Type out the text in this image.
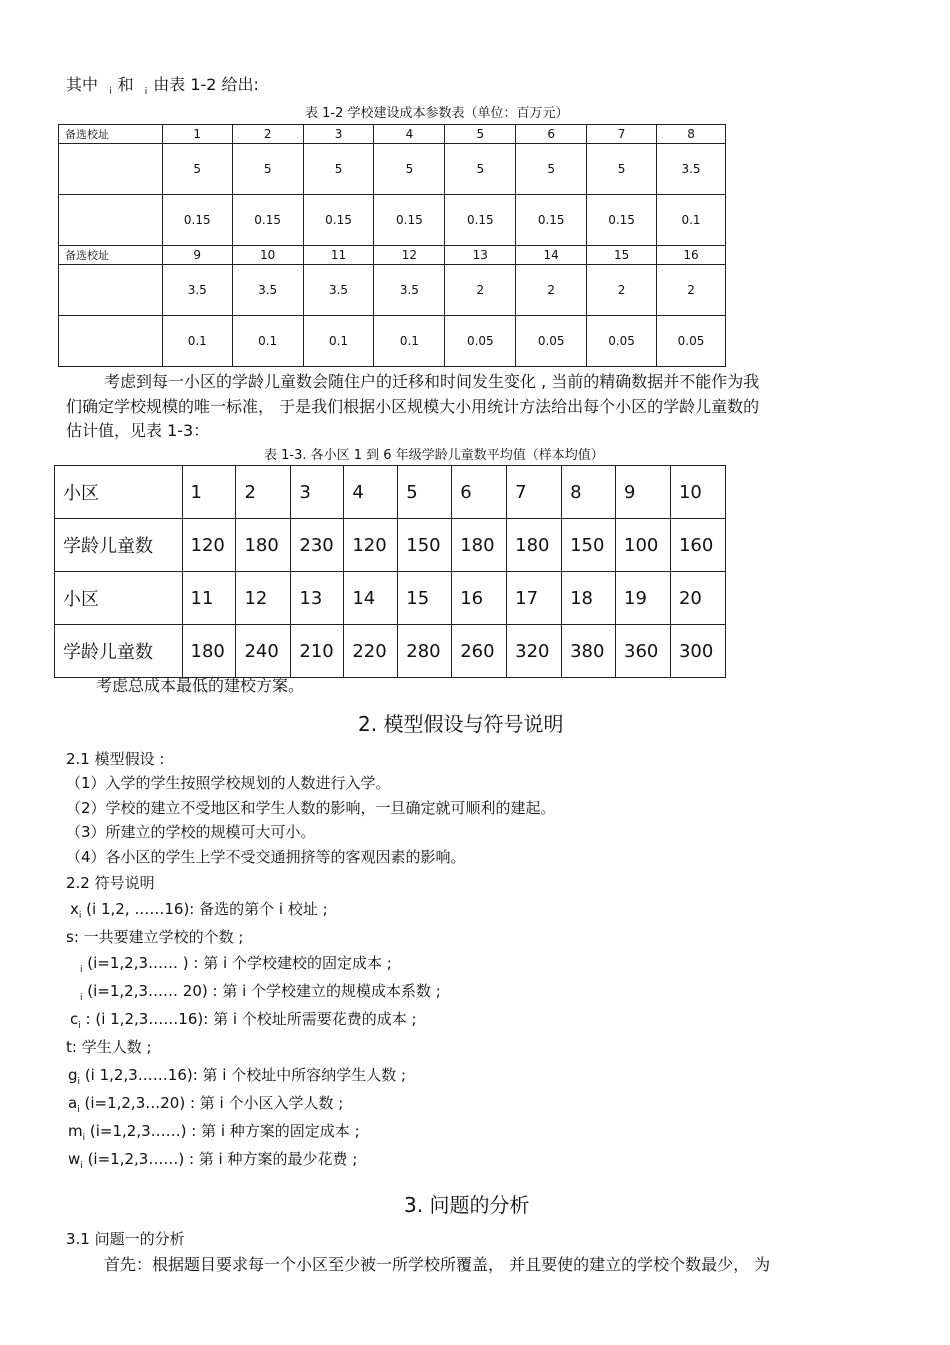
其中 $_i$ 和 $_i$ 由表 1-2 给出:
表 1-2 学校建设成本参数表（单位：百万元）
备选校址	1	2	3	4	5	6	7	8
	5	5	5	5	5	5	5	3.5
	0.15	0.15	0.15	0.15	0.15	0.15	0.15	0.1
备选校址	9	10	11	12	13	14	15	16
	3.5	3.5	3.5	3.5	2	2	2	2
	0.1	0.1	0.1	0.1	0.05	0.05	0.05	0.05
考虑到每一小区的学龄儿童数会随住户的迁移和时间发生变化 , 当前的精确数据并不能作为我
们确定学校规模的唯一标准， 于是我们根据小区规模大小用统计方法给出每个小区的学龄儿童数的
估计值，见表 1-3：
表 1-3. 各小区 1 到 6 年级学龄儿童数平均值（样本均值）
小区	1	2	3	4	5	6	7	8	9	10
学龄儿童数	120	180	230	120	150	180	180	150	100	160
小区	11	12	13	14	15	16	17	18	19	20
学龄儿童数	180	240	210	220	280	260	320	380	360	300
考虑总成本最低的建校方案。
2. 模型假设与符号说明
2.1 模型假设 :
（1）入学的学生按照学校规划的人数进行入学。
（2）学校的建立不受地区和学生人数的影响，一旦确定就可顺利的建起。
（3）所建立的学校的规模可大可小。
（4）各小区的学生上学不受交通拥挤等的客观因素的影响。
2.2 符号说明
$x_i$ (i 1,2, ……16): 备选的第个 i 校址 ;
s: 一共要建立学校的个数 ;
$_i$ (i=1,2,3…… ) : 第 i 个学校建校的固定成本 ;
$_i$ (i=1,2,3…… 20) : 第 i 个学校建立的规模成本系数 ;
$c_i$ : (i 1,2,3……16): 第 i 个校址所需要花费的成本 ;
t: 学生人数 ;
$g_i$ (i 1,2,3……16): 第 i 个校址中所容纳学生人数 ;
$a_i$ (i=1,2,3…20) : 第 i 个小区入学人数 ;
$m_i$ (i=1,2,3……) : 第 i 种方案的固定成本 ;
$w_i$ (i=1,2,3……) : 第 i 种方案的最少花费 ;
3. 问题的分析
3.1 问题一的分析
首先：根据题目要求每一个小区至少被一所学校所覆盖， 并且要使的建立的学校个数最少， 为
